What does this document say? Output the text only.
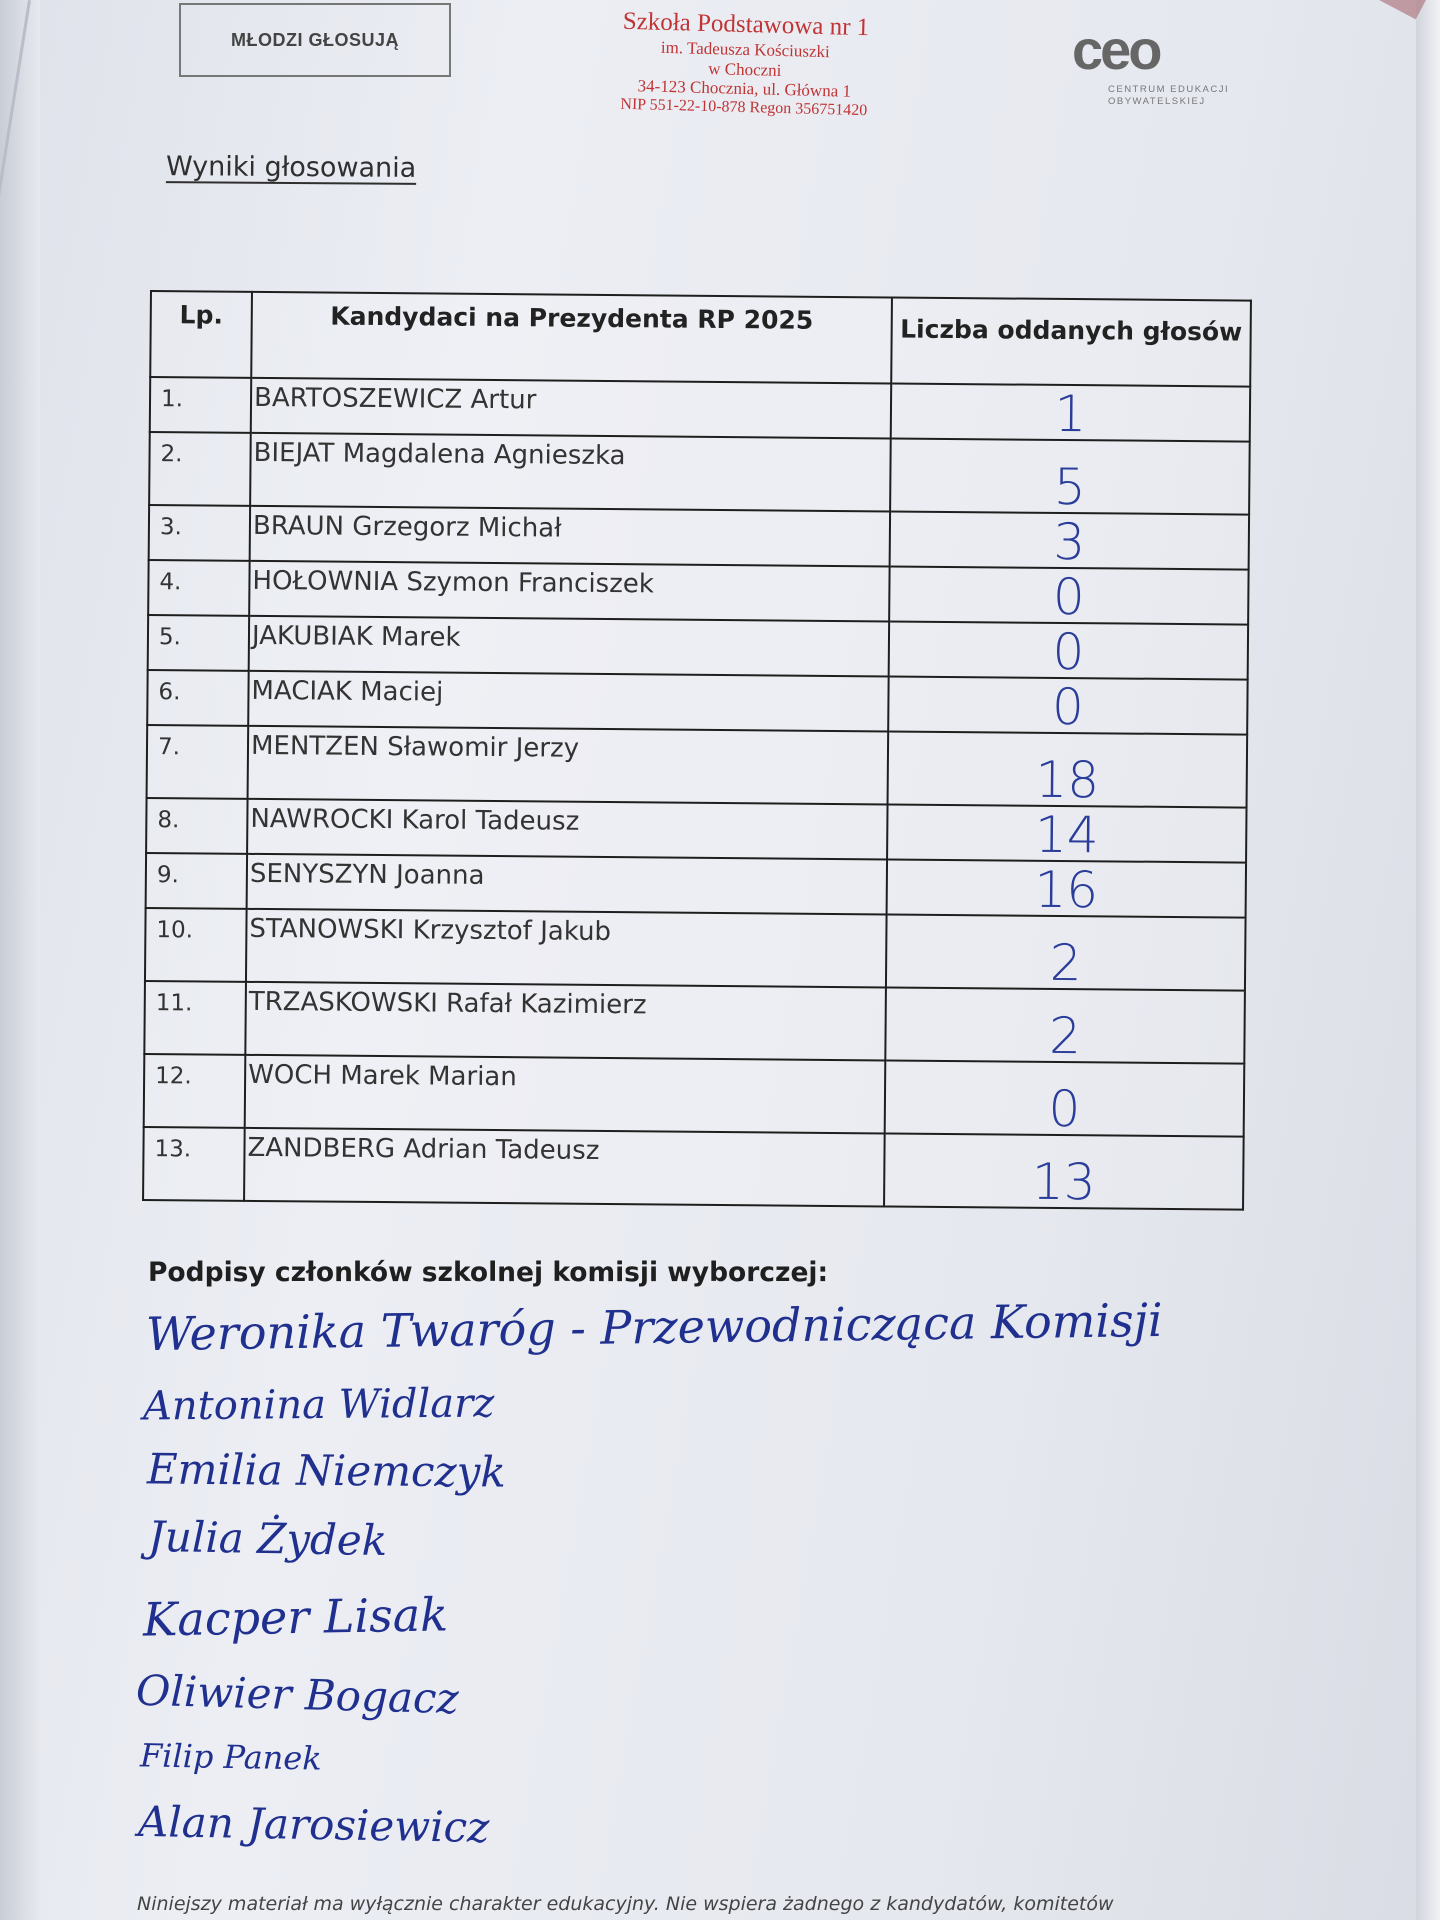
MŁODZI GŁOSUJĄ	Szkoła Podstawowa nr 1
im. Tadeusza Kościuszki
w Choczni
34-123 Chocznia, ul. Główna 1
NIP 551-22-10-878 Regon 356751420
ceo
CENTRUM EDUKACJI
OBYWATELSKIEJ
Wyniki głosowania
Lp.	Kandydaci na Prezydenta RP 2025	Liczba oddanych głosów
1.	BARTOSZEWICZ Artur	1
2.	BIEJAT Magdalena Agnieszka	5
3.	BRAUN Grzegorz Michał	3
4.	HOŁOWNIA Szymon Franciszek	0
5.	JAKUBIAK Marek	0
6.	MACIAK Maciej	0
7.	MENTZEN Sławomir Jerzy	18
8.	NAWROCKI Karol Tadeusz	14
9.	SENYSZYN Joanna	16
10.	STANOWSKI Krzysztof Jakub	2
11.	TRZASKOWSKI Rafał Kazimierz	2
12.	WOCH Marek Marian	0
13.	ZANDBERG Adrian Tadeusz	13
Podpisy członków szkolnej komisji wyborczej:
Weronika Twaróg - Przewodnicząca Komisji
Antonina Widlarz
Emilia Niemczyk
Julia Żydek
Kacper Lisak
Oliwier Bogacz
Filip Panek
Alan Jarosiewicz
Niniejszy materiał ma wyłącznie charakter edukacyjny. Nie wspiera żadnego z kandydatów, komitetów
